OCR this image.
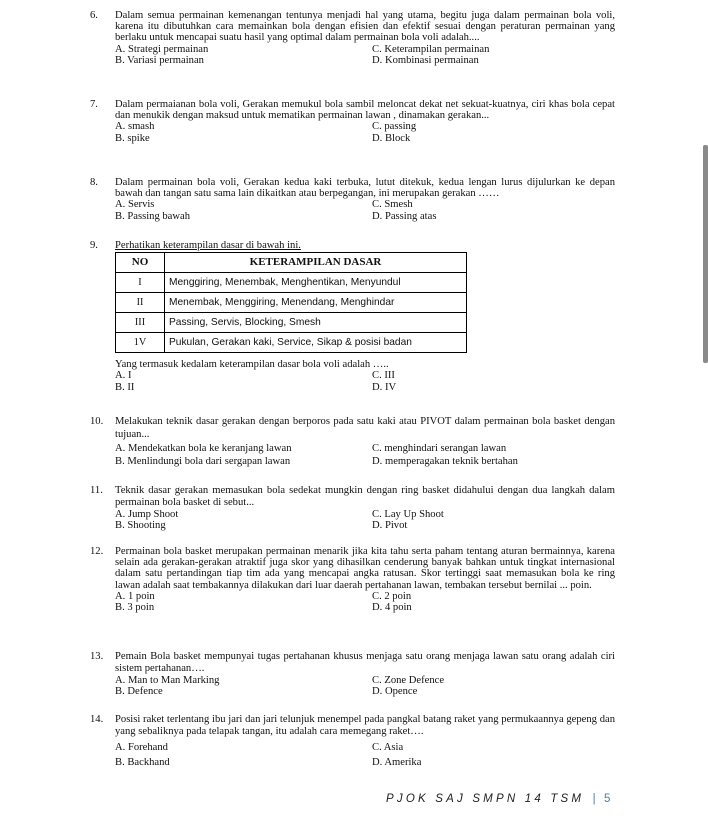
6.	Dalam semua permainan kemenangan tentunya menjadi hal yang utama, begitu juga dalam permainan bola voli, karena itu dibutuhkan cara memainkan bola dengan efisien dan efektif sesuai dengan peraturan permainan yang berlaku untuk mencapai suatu hasil yang optimal dalam permainan bola voli adalah....
A. Strategi permainan	C. Keterampilan permainan
B. Variasi permainan	D. Kombinasi permainan
7.	Dalam permaianan bola voli, Gerakan memukul bola sambil meloncat dekat net sekuat-kuatnya, ciri khas bola cepat dan menukik dengan maksud untuk mematikan permainan lawan , dinamakan gerakan...
A. smash	C. passing
B. spike	D. Block
8.	Dalam permainan bola voli, Gerakan kedua kaki terbuka, lutut ditekuk, kedua lengan lurus dijulurkan ke depan bawah dan tangan satu sama lain dikaitkan atau berpegangan, ini merupakan gerakan ……
A. Servis	C. Smesh
B. Passing bawah	D. Passing atas
9.	Perhatikan keterampilan dasar di bawah ini.
NO	KETERAMPILAN DASAR
I	Menggiring, Menembak, Menghentikan, Menyundul
II	Menembak, Menggiring, Menendang, Menghindar
III	Passing, Servis, Blocking, Smesh
1V	Pukulan, Gerakan kaki, Service, Sikap & posisi badan
Yang termasuk kedalam keterampilan dasar bola voli adalah …..
A. I	C. III
B. II	D. IV
10.	Melakukan teknik dasar gerakan dengan berporos pada satu kaki atau PIVOT dalam permainan bola basket dengan tujuan...
A. Mendekatkan bola ke keranjang lawan	C. menghindari serangan lawan
B. Menlindungi bola dari sergapan lawan	D. memperagakan teknik bertahan
11.	Teknik dasar gerakan memasukan bola sedekat mungkin dengan ring basket didahului dengan dua langkah dalam permainan bola basket di sebut...
A. Jump Shoot	C. Lay Up Shoot
B. Shooting	D. Pivot
12.	Permainan bola basket merupakan permainan menarik jika kita tahu serta paham tentang aturan bermainnya, karena selain ada gerakan-gerakan atraktif juga skor yang dihasilkan cenderung banyak bahkan untuk tingkat internasional dalam satu pertandingan tiap tim ada yang mencapai angka ratusan. Skor tertinggi saat memasukan bola ke ring lawan adalah saat tembakannya dilakukan dari luar daerah pertahanan lawan, tembakan tersebut bernilai ... poin.
A. 1 poin	C. 2 poin
B. 3 poin	D. 4 poin
13.	Pemain Bola basket mempunyai tugas pertahanan khusus menjaga satu orang menjaga lawan satu orang adalah ciri sistem pertahanan….
A. Man to Man Marking	C. Zone Defence
B. Defence	D. Opence
14.	Posisi raket terlentang ibu jari dan jari telunjuk menempel pada pangkal batang raket yang permukaannya gepeng dan yang sebaliknya pada telapak tangan, itu adalah cara memegang raket….
A. Forehand	C. Asia
B. Backhand	D. Amerika
PJOK SAJ SMPN 14 TSM | 5
